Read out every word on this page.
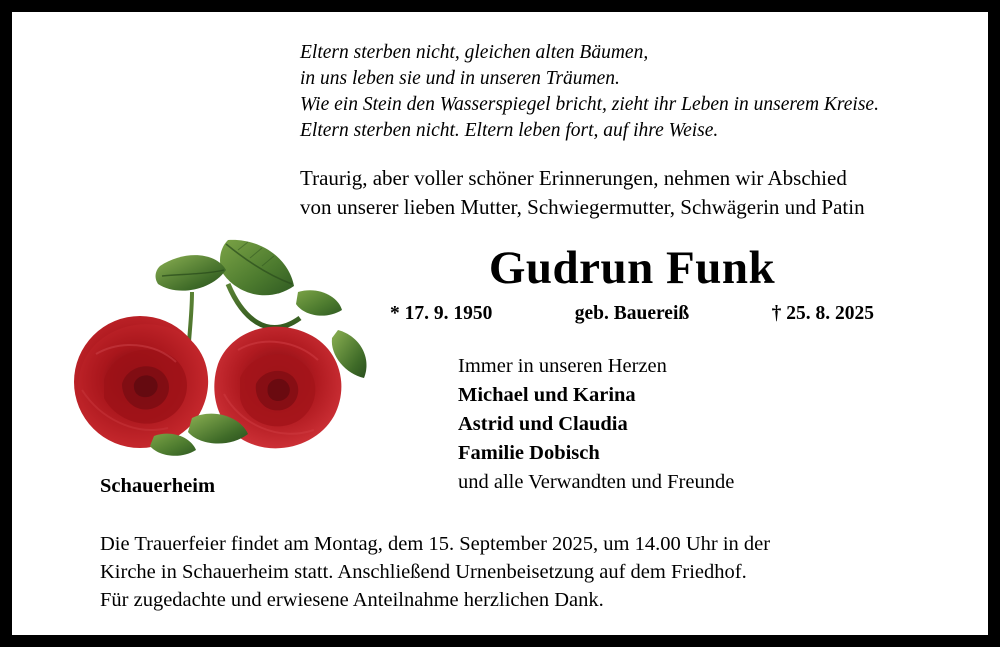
Eltern sterben nicht, gleichen alten Bäumen,
in uns leben sie und in unseren Träumen.
Wie ein Stein den Wasserspiegel bricht, zieht ihr Leben in unserem Kreise.
Eltern sterben nicht. Eltern leben fort, auf ihre Weise.
Traurig, aber voller schöner Erinnerungen, nehmen wir Abschied
von unserer lieben Mutter, Schwiegermutter, Schwägerin und Patin
Gudrun Funk
* 17. 9. 1950	geb. Bauereiß	† 25. 8. 2025
Immer in unseren Herzen
Michael und Karina
Astrid und Claudia
Familie Dobisch
und alle Verwandten und Freunde
Schauerheim
Die Trauerfeier findet am Montag, dem 15. September 2025, um 14.00 Uhr in der
Kirche in Schauerheim statt. Anschließend Urnenbeisetzung auf dem Friedhof.
Für zugedachte und erwiesene Anteilnahme herzlichen Dank.
